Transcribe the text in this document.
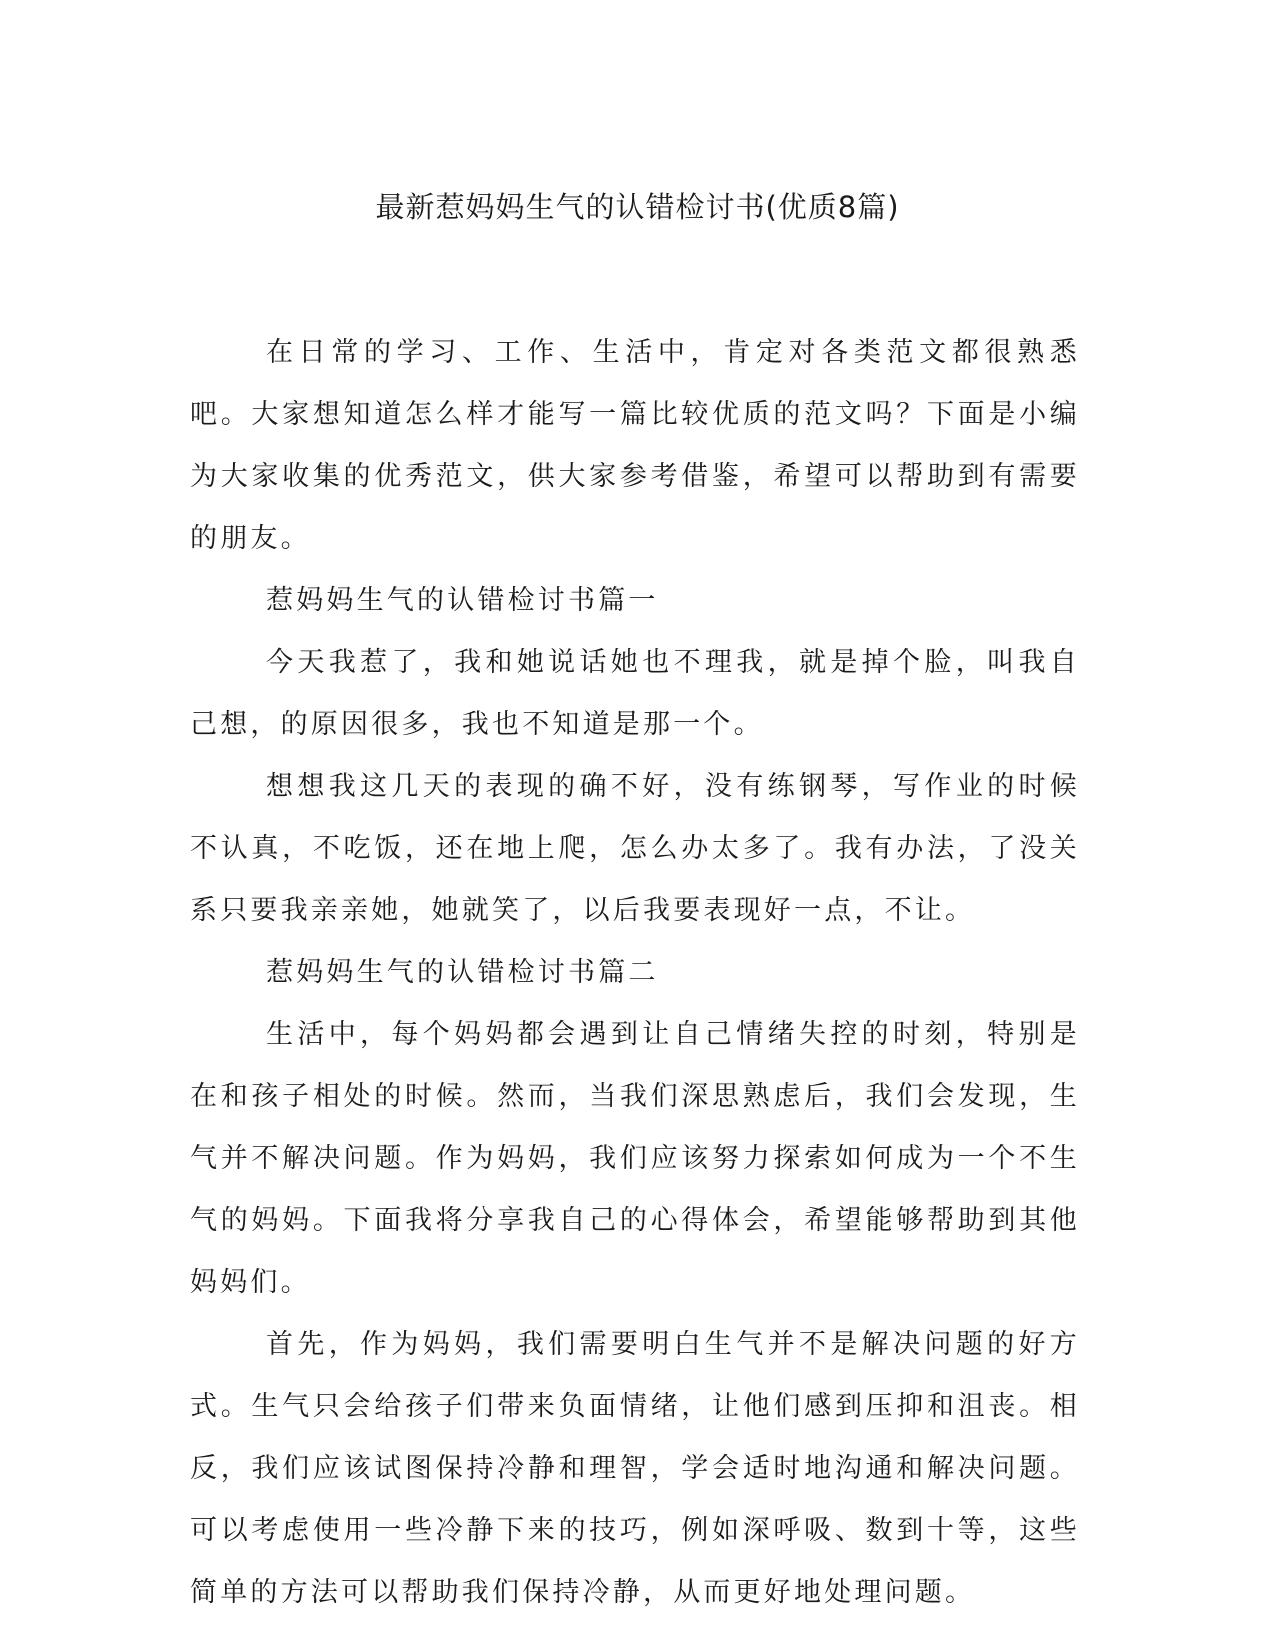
最新惹妈妈生气的认错检讨书(优质8篇)

在日常的学习、工作、生活中，肯定对各类范文都很熟悉吧。大家想知道怎么样才能写一篇比较优质的范文吗？下面是小编为大家收集的优秀范文，供大家参考借鉴，希望可以帮助到有需要的朋友。

惹妈妈生气的认错检讨书篇一

今天我惹了，我和她说话她也不理我，就是掉个脸，叫我自己想，的原因很多，我也不知道是那一个。

想想我这几天的表现的确不好，没有练钢琴，写作业的时候不认真，不吃饭，还在地上爬，怎么办太多了。我有办法，了没关系只要我亲亲她，她就笑了，以后我要表现好一点，不让。

惹妈妈生气的认错检讨书篇二

生活中，每个妈妈都会遇到让自己情绪失控的时刻，特别是在和孩子相处的时候。然而，当我们深思熟虑后，我们会发现，生气并不解决问题。作为妈妈，我们应该努力探索如何成为一个不生气的妈妈。下面我将分享我自己的心得体会，希望能够帮助到其他妈妈们。

首先，作为妈妈，我们需要明白生气并不是解决问题的好方式。生气只会给孩子们带来负面情绪，让他们感到压抑和沮丧。相反，我们应该试图保持冷静和理智，学会适时地沟通和解决问题。可以考虑使用一些冷静下来的技巧，例如深呼吸、数到十等，这些简单的方法可以帮助我们保持冷静，从而更好地处理问题。
